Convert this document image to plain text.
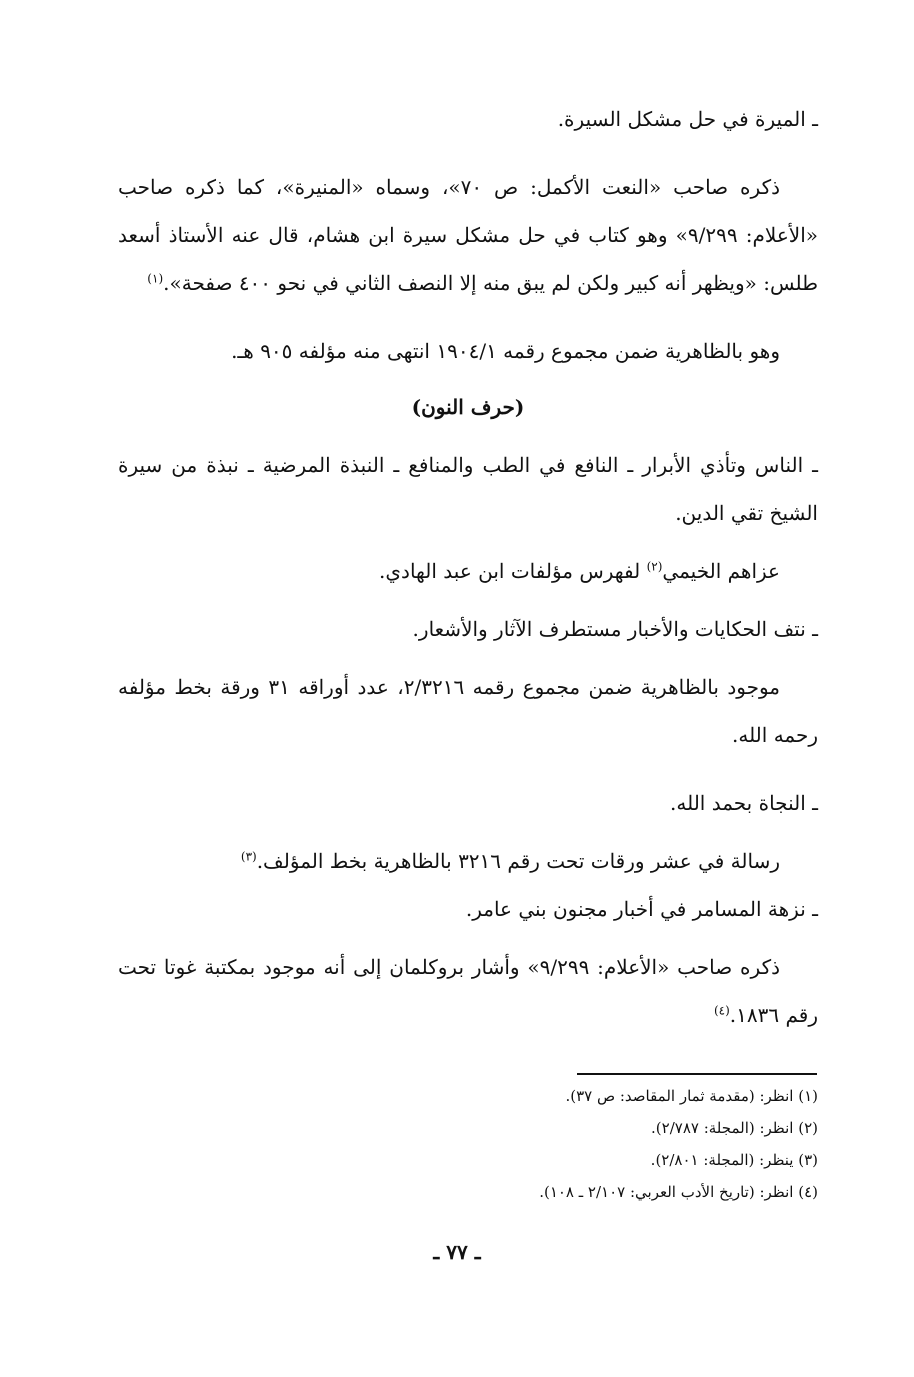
ـ الميرة في حل مشكل السيرة.

ذكره صاحب «النعت الأكمل: ص ٧٠»، وسماه «المنيرة»، كما ذكره صاحب «الأعلام: ٩/٢٩٩» وهو كتاب في حل مشكل سيرة ابن هشام، قال عنه الأستاذ أسعد طلس: «ويظهر أنه كبير ولكن لم يبق منه إلا النصف الثاني في نحو ٤٠٠ صفحة».$^{(١)}$

وهو بالظاهرية ضمن مجموع رقمه ١٩٠٤/١ انتهى منه مؤلفه ٩٠٥ هـ.

(حرف النون)

ـ الناس وتأذي الأبرار ـ النافع في الطب والمنافع ـ النبذة المرضية ـ نبذة من سيرة الشيخ تقي الدين.

عزاهم الخيمي$^{(٢)}$ لفهرس مؤلفات ابن عبد الهادي.

ـ نتف الحكايات والأخبار مستطرف الآثار والأشعار.

موجود بالظاهرية ضمن مجموع رقمه ٢/٣٢١٦، عدد أوراقه ٣١ ورقة بخط مؤلفه رحمه الله.

ـ النجاة بحمد الله.

رسالة في عشر ورقات تحت رقم ٣٢١٦ بالظاهرية بخط المؤلف.$^{(٣)}$

ـ نزهة المسامر في أخبار مجنون بني عامر.

ذكره صاحب «الأعلام: ٩/٢٩٩» وأشار بروكلمان إلى أنه موجود بمكتبة غوتا تحت رقم ١٨٣٦.$^{(٤)}$

(١) انظر: (مقدمة ثمار المقاصد: ص ٣٧).

(٢) انظر: (المجلة: ٢/٧٨٧).

(٣) ينظر: (المجلة: ٢/٨٠١).

(٤) انظر: (تاريخ الأدب العربي: ٢/١٠٧ ـ ١٠٨).

ـ ٧٧ ـ
